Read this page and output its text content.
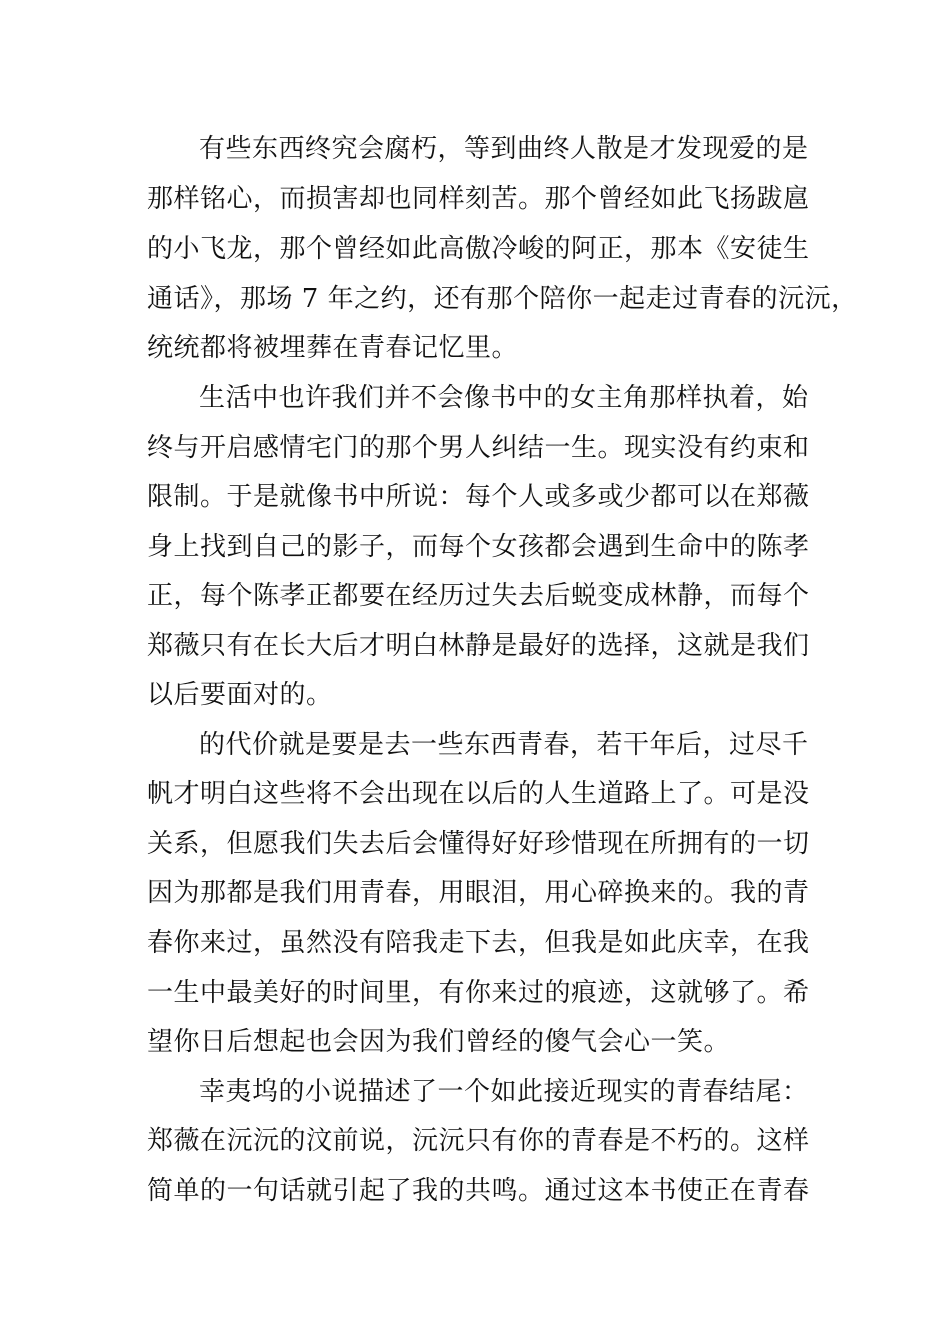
有些东西终究会腐朽，等到曲终人散是才发现爱的是
那样铭心，而损害却也同样刻苦。那个曾经如此飞扬跋扈
的小飞龙，那个曾经如此高傲冷峻的阿正，那本《安徒生
通话》，那场 7 年之约，还有那个陪你一起走过青春的沅沅，
统统都将被埋葬在青春记忆里。
生活中也许我们并不会像书中的女主角那样执着，始
终与开启感情宅门的那个男人纠结一生。现实没有约束和
限制。于是就像书中所说：每个人或多或少都可以在郑薇
身上找到自己的影子，而每个女孩都会遇到生命中的陈孝
正，每个陈孝正都要在经历过失去后蜕变成林静，而每个
郑薇只有在长大后才明白林静是最好的选择，这就是我们
以后要面对的。
的代价就是要是去一些东西青春，若干年后，过尽千
帆才明白这些将不会出现在以后的人生道路上了。可是没
关系，但愿我们失去后会懂得好好珍惜现在所拥有的一切
因为那都是我们用青春，用眼泪，用心碎换来的。我的青
春你来过，虽然没有陪我走下去，但我是如此庆幸，在我
一生中最美好的时间里，有你来过的痕迹，这就够了。希
望你日后想起也会因为我们曾经的傻气会心一笑。
幸夷坞的小说描述了一个如此接近现实的青春结尾：
郑薇在沅沅的汶前说，沅沅只有你的青春是不朽的。这样
简单的一句话就引起了我的共鸣。通过这本书使正在青春
